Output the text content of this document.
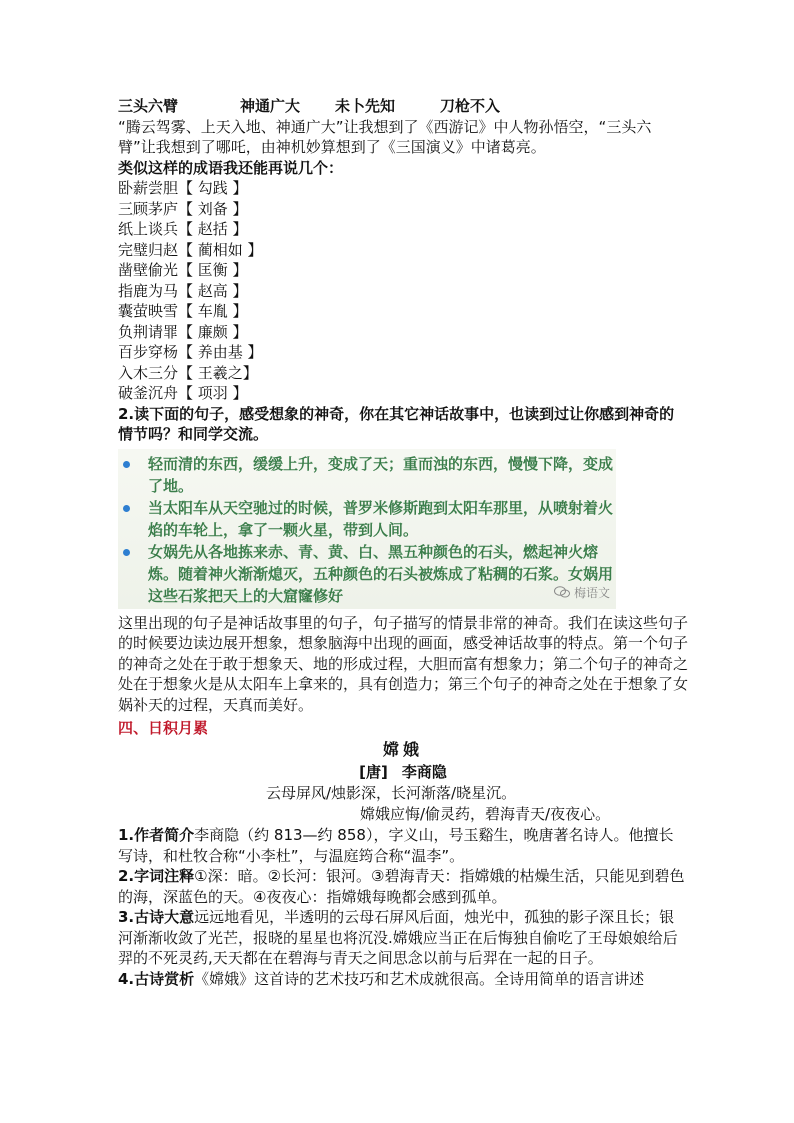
三头六臂	神通广大 未卜先知	刀枪不入
“腾云驾雾、上天入地、神通广大”让我想到了《西游记》中人物孙悟空，“三头六臂”让我想到了哪吒，由神机妙算想到了《三国演义》中诸葛亮。
类似这样的成语我还能再说几个：
卧薪尝胆【 勾践 】
三顾茅庐【 刘备 】
纸上谈兵【 赵括 】
完璧归赵【 蔺相如 】
凿壁偷光【 匡衡 】
指鹿为马【 赵高 】
囊萤映雪【 车胤 】
负荆请罪【 廉颇 】
百步穿杨【 养由基 】
入木三分【 王羲之】
破釜沉舟【 项羽 】
2.读下面的句子，感受想象的神奇，你在其它神话故事中，也读到过让你感到神奇的情节吗？和同学交流。
轻而清的东西，缓缓上升，变成了天；重而浊的东西，慢慢下降，变成了地。
当太阳车从天空驰过的时候，普罗米修斯跑到太阳车那里，从喷射着火焰的车轮上，拿了一颗火星，带到人间。
女娲先从各地拣来赤、青、黄、白、黑五种颜色的石头，燃起神火熔炼。随着神火渐渐熄灭，五种颜色的石头被炼成了粘稠的石浆。女娲用这些石浆把天上的大窟窿修好	梅语文
这里出现的句子是神话故事里的句子，句子描写的情景非常的神奇。我们在读这些句子的时候要边读边展开想象，想象脑海中出现的画面，感受神话故事的特点。第一个句子的神奇之处在于敢于想象天、地的形成过程，大胆而富有想象力；第二个句子的神奇之处在于想象火是从太阳车上拿来的，具有创造力；第三个句子的神奇之处在于想象了女娲补天的过程，天真而美好。
四、日积月累
嫦娥
[唐] 李商隐
云母屏风/烛影深，长河渐落/晓星沉。
嫦娥应悔/偷灵药，碧海青天/夜夜心。
1.作者简介李商隐（约 813—约 858），字义山，号玉谿生，晚唐著名诗人。他擅长写诗，和杜牧合称“小李杜”，与温庭筠合称“温李”。
2.字词注释①深：暗。②长河：银河。③碧海青天：指嫦娥的枯燥生活，只能见到碧色的海，深蓝色的天。④夜夜心：指嫦娥每晚都会感到孤单。
3.古诗大意远远地看见，半透明的云母石屏风后面，烛光中，孤独的影子深且长；银河渐渐收敛了光芒，报晓的星星也将沉没.嫦娥应当正在后悔独自偷吃了王母娘娘给后羿的不死灵药,天天都在在碧海与青天之间思念以前与后羿在一起的日子。
4.古诗赏析《嫦娥》这首诗的艺术技巧和艺术成就很高。全诗用简单的语言讲述
